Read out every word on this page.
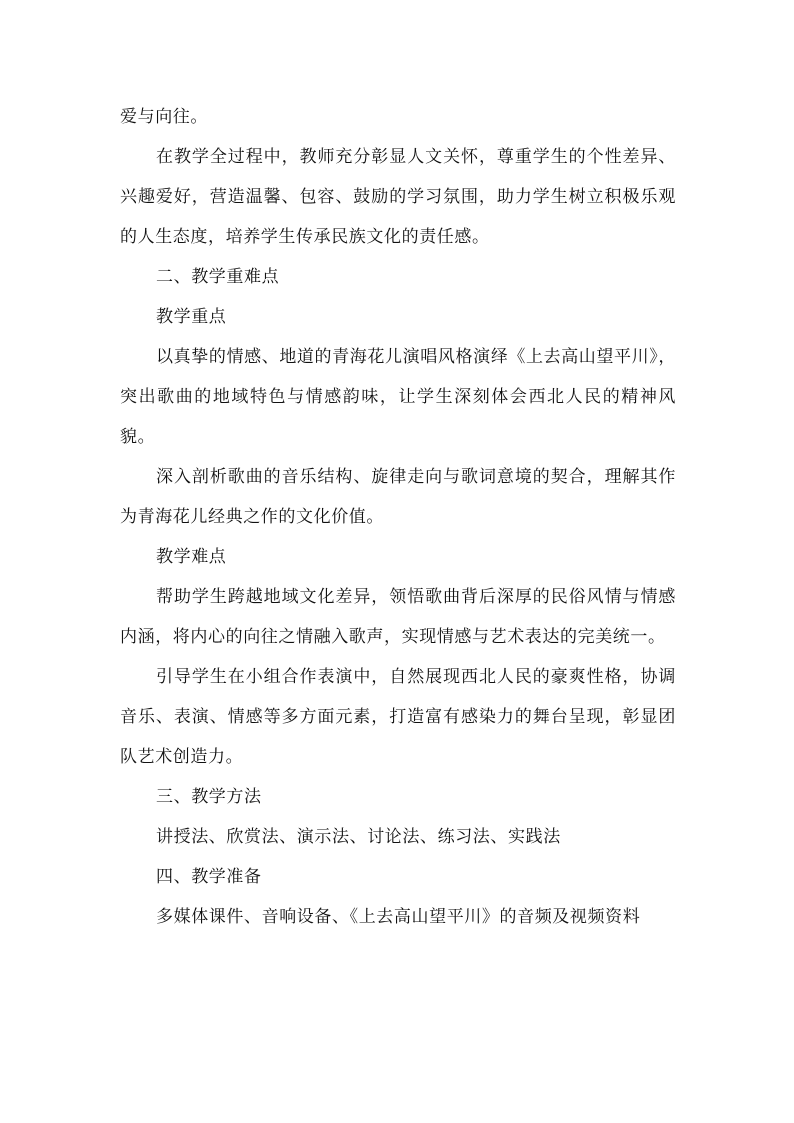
爱与向往。

在教学全过程中，教师充分彰显人文关怀，尊重学生的个性差异、兴趣爱好，营造温馨、包容、鼓励的学习氛围，助力学生树立积极乐观的人生态度，培养学生传承民族文化的责任感。

二、教学重难点

教学重点

以真挚的情感、地道的青海花儿演唱风格演绎《上去高山望平川》，突出歌曲的地域特色与情感韵味，让学生深刻体会西北人民的精神风貌。

深入剖析歌曲的音乐结构、旋律走向与歌词意境的契合，理解其作为青海花儿经典之作的文化价值。

教学难点

帮助学生跨越地域文化差异，领悟歌曲背后深厚的民俗风情与情感内涵，将内心的向往之情融入歌声，实现情感与艺术表达的完美统一。

引导学生在小组合作表演中，自然展现西北人民的豪爽性格，协调音乐、表演、情感等多方面元素，打造富有感染力的舞台呈现，彰显团队艺术创造力。

三、教学方法

讲授法、欣赏法、演示法、讨论法、练习法、实践法

四、教学准备

多媒体课件、音响设备、《上去高山望平川》的音频及视频资料
